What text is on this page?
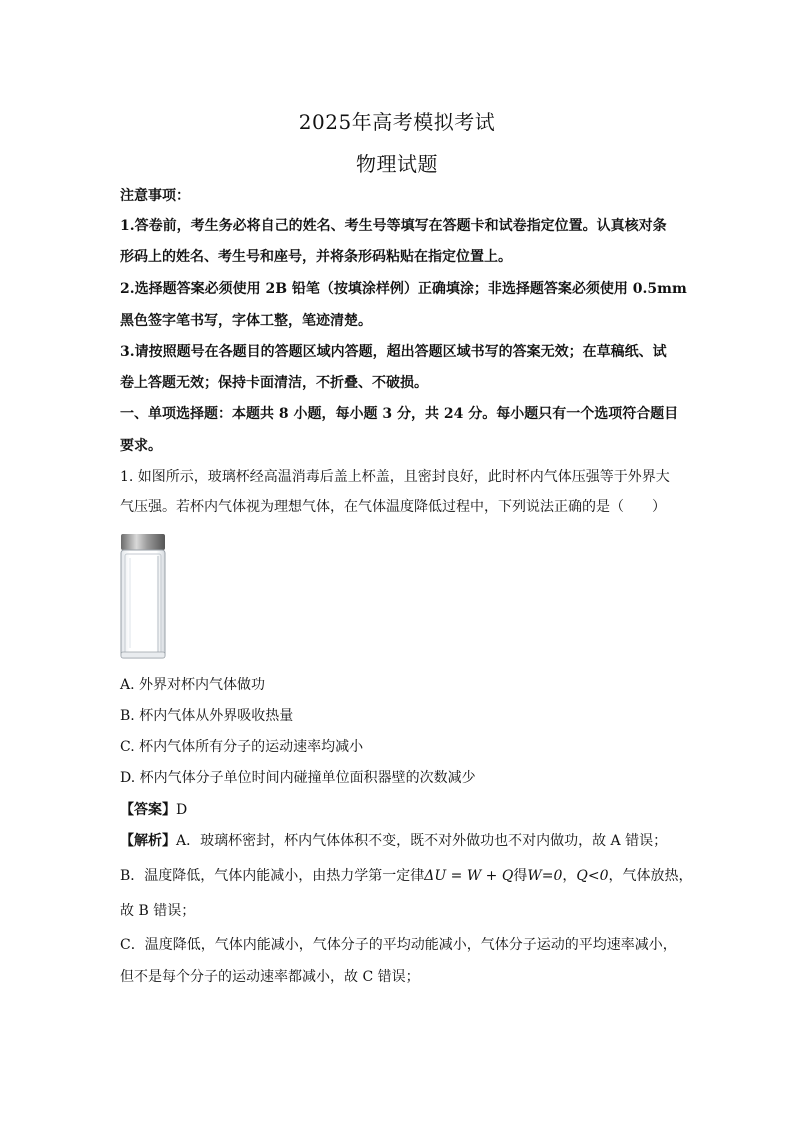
2025年高考模拟考试
物理试题
注意事项：
1.答卷前，考生务必将自己的姓名、考生号等填写在答题卡和试卷指定位置。认真核对条
形码上的姓名、考生号和座号，并将条形码粘贴在指定位置上。
2.选择题答案必须使用 2B 铅笔（按填涂样例）正确填涂；非选择题答案必须使用 0.5mm
黑色签字笔书写，字体工整，笔迹清楚。
3.请按照题号在各题目的答题区域内答题，超出答题区域书写的答案无效；在草稿纸、试
卷上答题无效；保持卡面清洁，不折叠、不破损。
一、单项选择题：本题共 8 小题，每小题 3 分，共 24 分。每小题只有一个选项符合题目
要求。
1. 如图所示，玻璃杯经高温消毒后盖上杯盖，且密封良好，此时杯内气体压强等于外界大
气压强。若杯内气体视为理想气体，在气体温度降低过程中，下列说法正确的是（　　）
A. 外界对杯内气体做功
B. 杯内气体从外界吸收热量
C. 杯内气体所有分子的运动速率均减小
D. 杯内气体分子单位时间内碰撞单位面积器壁的次数减少
【答案】D
【解析】A．玻璃杯密封，杯内气体体积不变，既不对外做功也不对内做功，故 A 错误；
B．温度降低，气体内能减小，由热力学第一定律ΔU = W + Q得W=0，Q<0，气体放热，
故 B 错误；
C．温度降低，气体内能减小，气体分子的平均动能减小，气体分子运动的平均速率减小，
但不是每个分子的运动速率都减小，故 C 错误；
